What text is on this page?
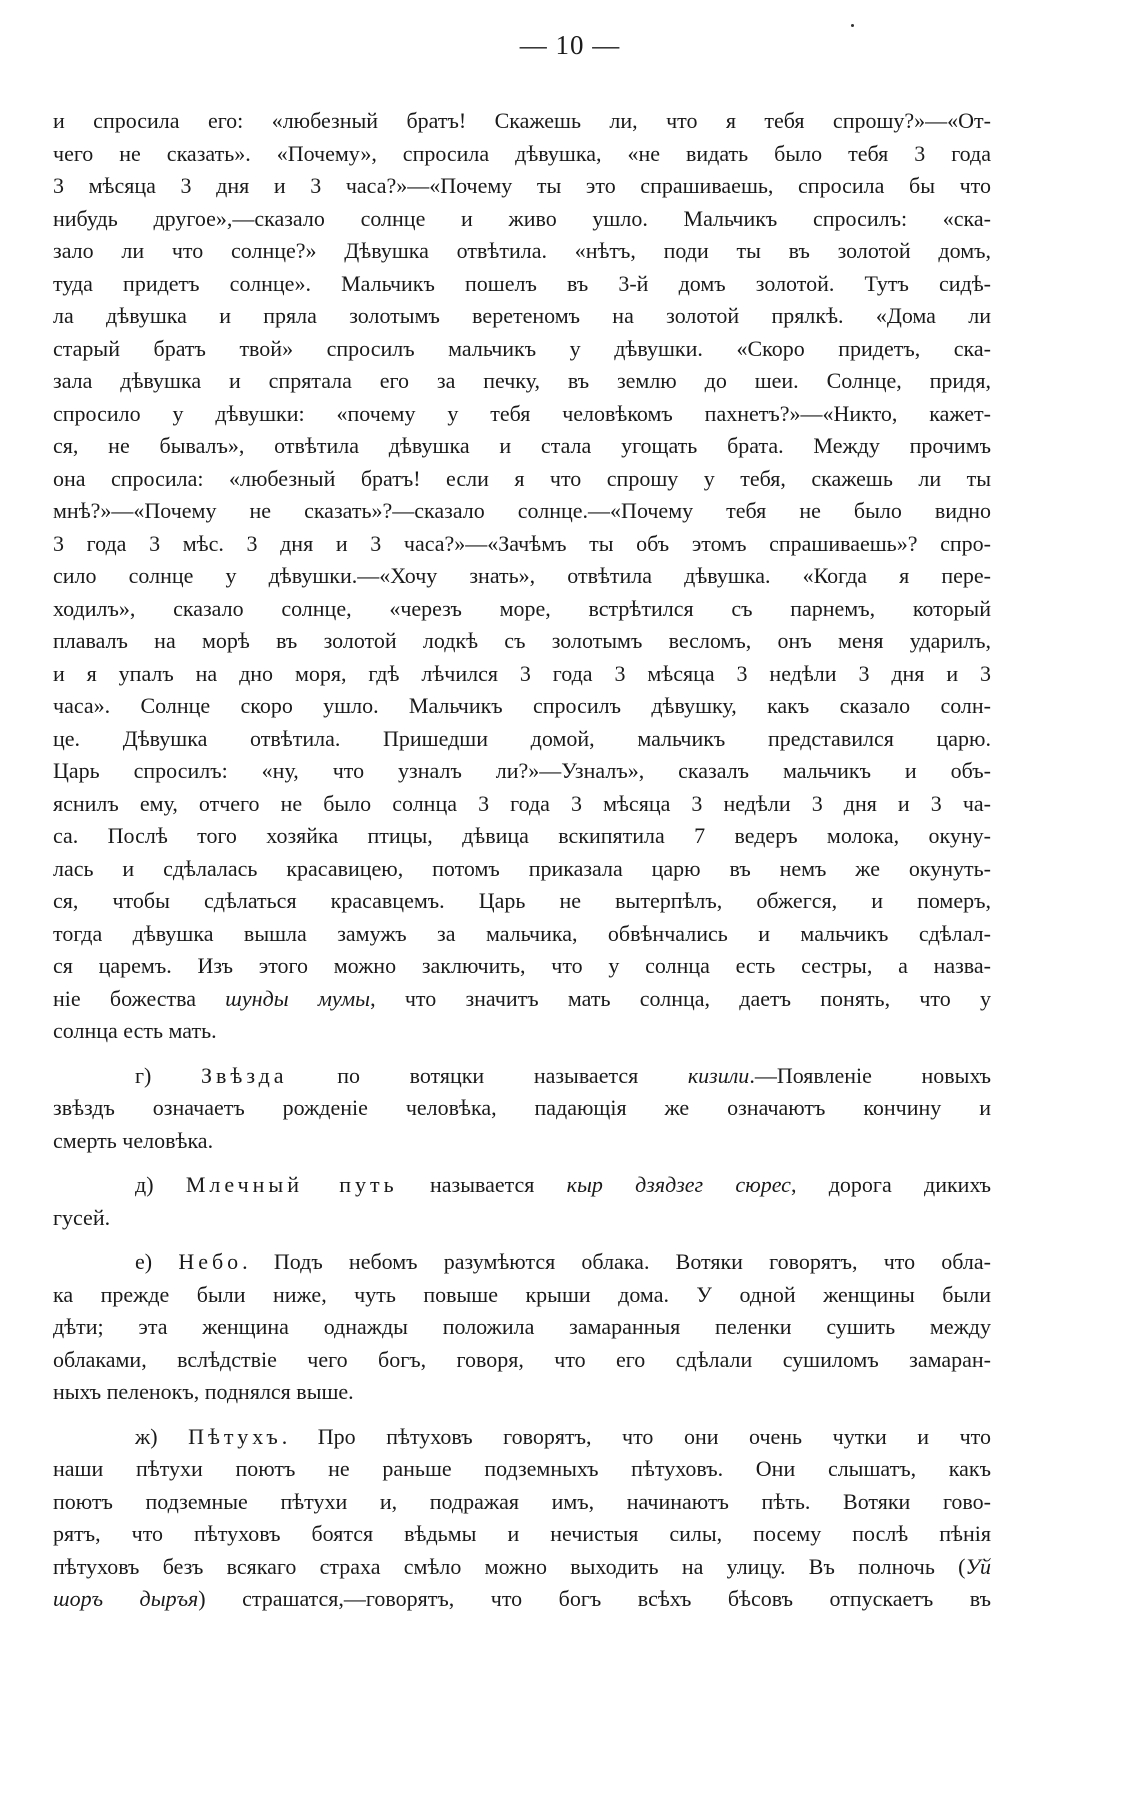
— 10 —
и спросила его: «любезный братъ! Скажешь ли, что я тебя спрошу?»—«От-
чего не сказать». «Почему», спросила дѣвушка, «не видать было тебя 3 года
3 мѣсяца 3 дня и 3 часа?»—«Почему ты это спрашиваешь, спросила бы что
нибудь другое»,—сказало солнце и живо ушло. Мальчикъ спросилъ: «ска-
зало ли что солнце?» Дѣвушка отвѣтила. «нѣтъ, поди ты въ золотой домъ,
туда придетъ солнце». Мальчикъ пошелъ въ 3-й домъ золотой. Тутъ сидѣ-
ла дѣвушка и пряла золотымъ веретеномъ на золотой прялкѣ. «Дома ли
старый братъ твой» спросилъ мальчикъ у дѣвушки. «Скоро придетъ, ска-
зала дѣвушка и спрятала его за печку, въ землю до шеи. Солнце, придя,
спросило у дѣвушки: «почему у тебя человѣкомъ пахнетъ?»—«Никто, кажет-
ся, не бывалъ», отвѣтила дѣвушка и стала угощать брата. Между прочимъ
она спросила: «любезный братъ! если я что спрошу у тебя, скажешь ли ты
мнѣ?»—«Почему не сказать»?—сказало солнце.—«Почему тебя не было видно
3 года 3 мѣс. 3 дня и 3 часа?»—«Зачѣмъ ты объ этомъ спрашиваешь»? спро-
сило солнце у дѣвушки.—«Хочу знать», отвѣтила дѣвушка. «Когда я пере-
ходилъ», сказало солнце, «черезъ море, встрѣтился съ парнемъ, который
плавалъ на морѣ въ золотой лодкѣ съ золотымъ весломъ, онъ меня ударилъ,
и я упалъ на дно моря, гдѣ лѣчился 3 года 3 мѣсяца 3 недѣли 3 дня и 3
часа». Солнце скоро ушло. Мальчикъ спросилъ дѣвушку, какъ сказало солн-
це. Дѣвушка отвѣтила. Пришедши домой, мальчикъ представился царю.
Царь спросилъ: «ну, что узналъ ли?»—Узналъ», сказалъ мальчикъ и объ-
яснилъ ему, отчего не было солнца 3 года 3 мѣсяца 3 недѣли 3 дня и 3 ча-
са. Послѣ того хозяйка птицы, дѣвица вскипятила 7 ведеръ молока, окуну-
лась и сдѣлалась красавицею, потомъ приказала царю въ немъ же окунуть-
ся, чтобы сдѣлаться красавцемъ. Царь не вытерпѣлъ, обжегся, и померъ,
тогда дѣвушка вышла замужъ за мальчика, обвѣнчались и мальчикъ сдѣлал-
ся царемъ. Изъ этого можно заключить, что у солнца есть сестры, а назва-
ніе божества шунды мумы, что значитъ мать солнца, даетъ понять, что у
солнца есть мать.
г) Звѣзда по вотяцки называется кизили.—Появленіе новыхъ
звѣздъ означаетъ рожденіе человѣка, падающія же означаютъ кончину и
смерть человѣка.
д) Млечный путь называется кыр дзядзег сюрес, дорога дикихъ
гусей.
е) Небо. Подъ небомъ разумѣются облака. Вотяки говорятъ, что обла-
ка прежде были ниже, чуть повыше крыши дома. У одной женщины были
дѣти; эта женщина однажды положила замаранныя пеленки сушить между
облаками, вслѣдствіе чего богъ, говоря, что его сдѣлали сушиломъ замаран-
ныхъ пеленокъ, поднялся выше.
ж) Пѣтухъ. Про пѣтуховъ говорятъ, что они очень чутки и что
наши пѣтухи поютъ не раньше подземныхъ пѣтуховъ. Они слышатъ, какъ
поютъ подземные пѣтухи и, подражая имъ, начинаютъ пѣть. Вотяки гово-
рятъ, что пѣтуховъ боятся вѣдьмы и нечистыя силы, посему послѣ пѣнія
пѣтуховъ безъ всякаго страха смѣло можно выходить на улицу. Въ полночь (Уй
шоръ дыръя) страшатся,—говорятъ, что богъ всѣхъ бѣсовъ отпускаетъ въ
